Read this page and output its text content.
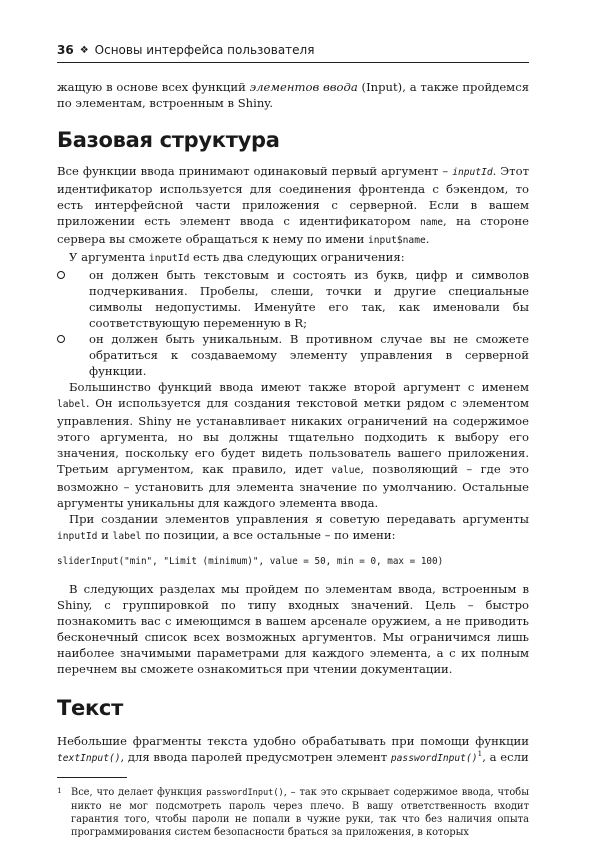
36 ❖ Основы интерфейса пользователя

жащую в основе всех функций элементов ввода (Input), а также пройдемся по элементам, встроенным в Shiny.

Базовая структура

Все функции ввода принимают одинаковый первый аргумент – inputId. Этот идентификатор используется для соединения фронтенда с бэкендом, то есть интерфейсной части приложения с серверной. Если в вашем приложении есть элемент ввода с идентификатором name, на стороне сервера вы сможете обращаться к нему по имени input$name.

У аргумента inputId есть два следующих ограничения:

он должен быть текстовым и состоять из букв, цифр и символов подчеркивания. Пробелы, слеши, точки и другие специальные символы недопустимы. Именуйте его так, как именовали бы соответствующую переменную в R;
он должен быть уникальным. В противном случае вы не сможете обратиться к создаваемому элементу управления в серверной функции.

Большинство функций ввода имеют также второй аргумент с именем label. Он используется для создания текстовой метки рядом с элементом управления. Shiny не устанавливает никаких ограничений на содержимое этого аргумента, но вы должны тщательно подходить к выбору его значения, поскольку его будет видеть пользователь вашего приложения. Третьим аргументом, как правило, идет value, позволяющий – где это возможно – установить для элемента значение по умолчанию. Остальные аргументы уникальны для каждого элемента ввода.

При создании элементов управления я советую передавать аргументы inputId и label по позиции, а все остальные – по имени:

sliderInput("min", "Limit (minimum)", value = 50, min = 0, max = 100)

В следующих разделах мы пройдем по элементам ввода, встроенным в Shiny, с группировкой по типу входных значений. Цель – быстро познакомить вас с имеющимся в вашем арсенале оружием, а не приводить бесконечный список всех возможных аргументов. Мы ограничимся лишь наиболее значимыми параметрами для каждого элемента, а с их полным перечнем вы сможете ознакомиться при чтении документации.

Текст

Небольшие фрагменты текста удобно обрабатывать при помощи функции textInput(), для ввода паролей предусмотрен элемент passwordInput()$^1$, а если

1 Все, что делает функция passwordInput(), – так это скрывает содержимое ввода, чтобы никто не мог подсмотреть пароль через плечо. В вашу ответственность входит гарантия того, чтобы пароли не попали в чужие руки, так что без наличия опыта программирования систем безопасности браться за приложения, в которых
